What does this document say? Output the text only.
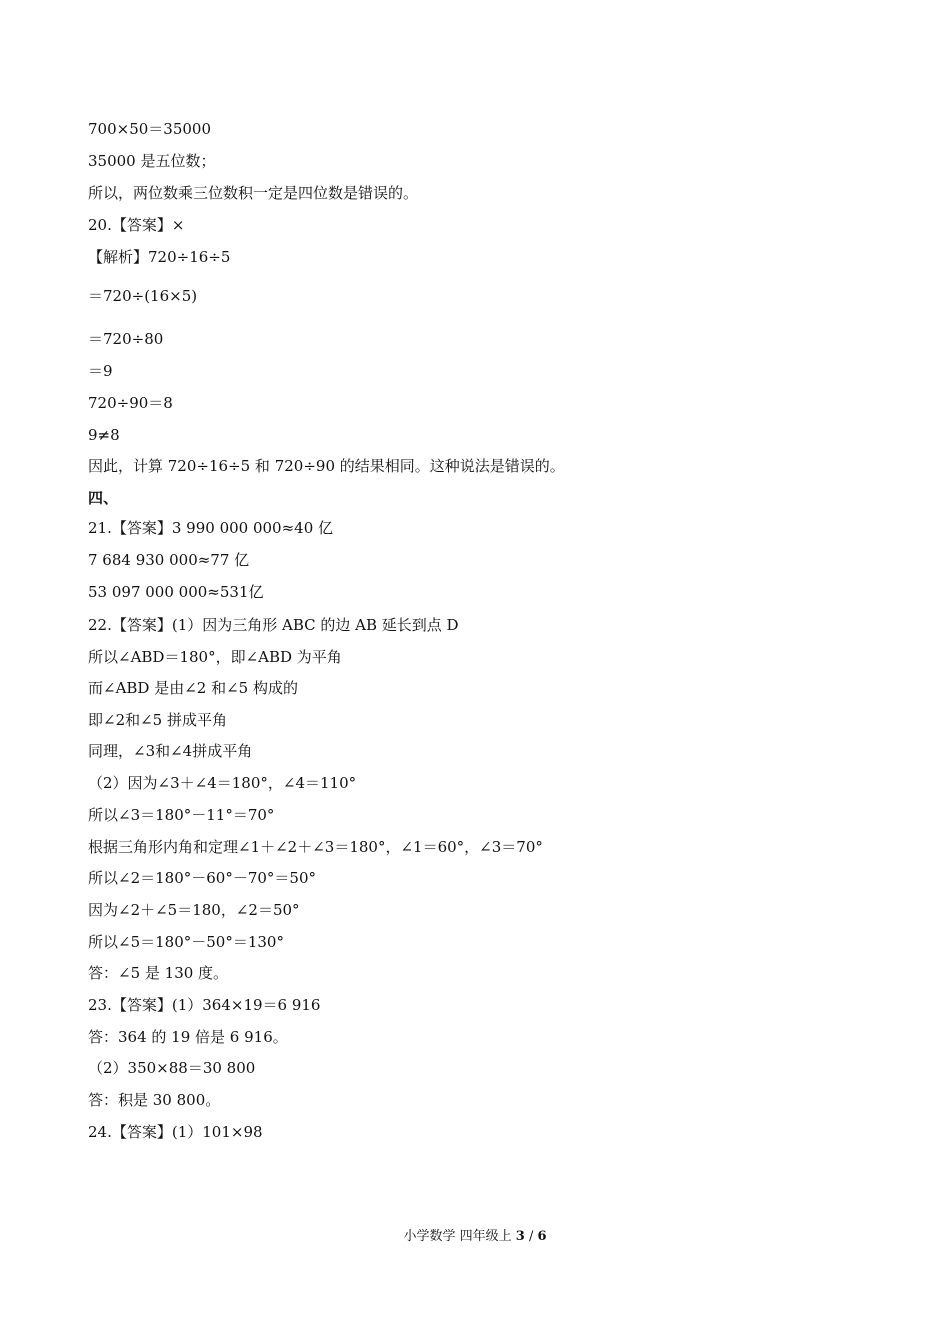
700×50＝35000
35000 是五位数；
所以，两位数乘三位数积一定是四位数是错误的。
20.【答案】×
【解析】720÷16÷5
＝720÷(16×5)
＝720÷80
＝9
720÷90＝8
9≠8
因此，计算 720÷16÷5 和 720÷90 的结果相同。这种说法是错误的。
四、
21.【答案】3 990 000 000≈40 亿
7 684 930 000≈77 亿
53 097 000 000≈531亿
22.【答案】(1）因为三角形 ABC 的边 AB 延长到点 D
所以∠ABD＝180°，即∠ABD 为平角
而∠ABD 是由∠2 和∠5 构成的
即∠2和∠5 拼成平角
同理，∠3和∠4拼成平角
（2）因为∠3＋∠4＝180°，∠4＝110°
所以∠3＝180°－11°＝70°
根据三角形内角和定理∠1＋∠2＋∠3＝180°，∠1＝60°，∠3＝70°
所以∠2＝180°－60°－70°＝50°
因为∠2＋∠5＝180，∠2＝50°
所以∠5＝180°－50°＝130°
答：∠5 是 130 度。
23.【答案】(1）364×19＝6 916
答：364 的 19 倍是 6 916。
（2）350×88＝30 800
答：积是 30 800。
24.【答案】(1）101×98
小学数学 四年级上 3 / 6
